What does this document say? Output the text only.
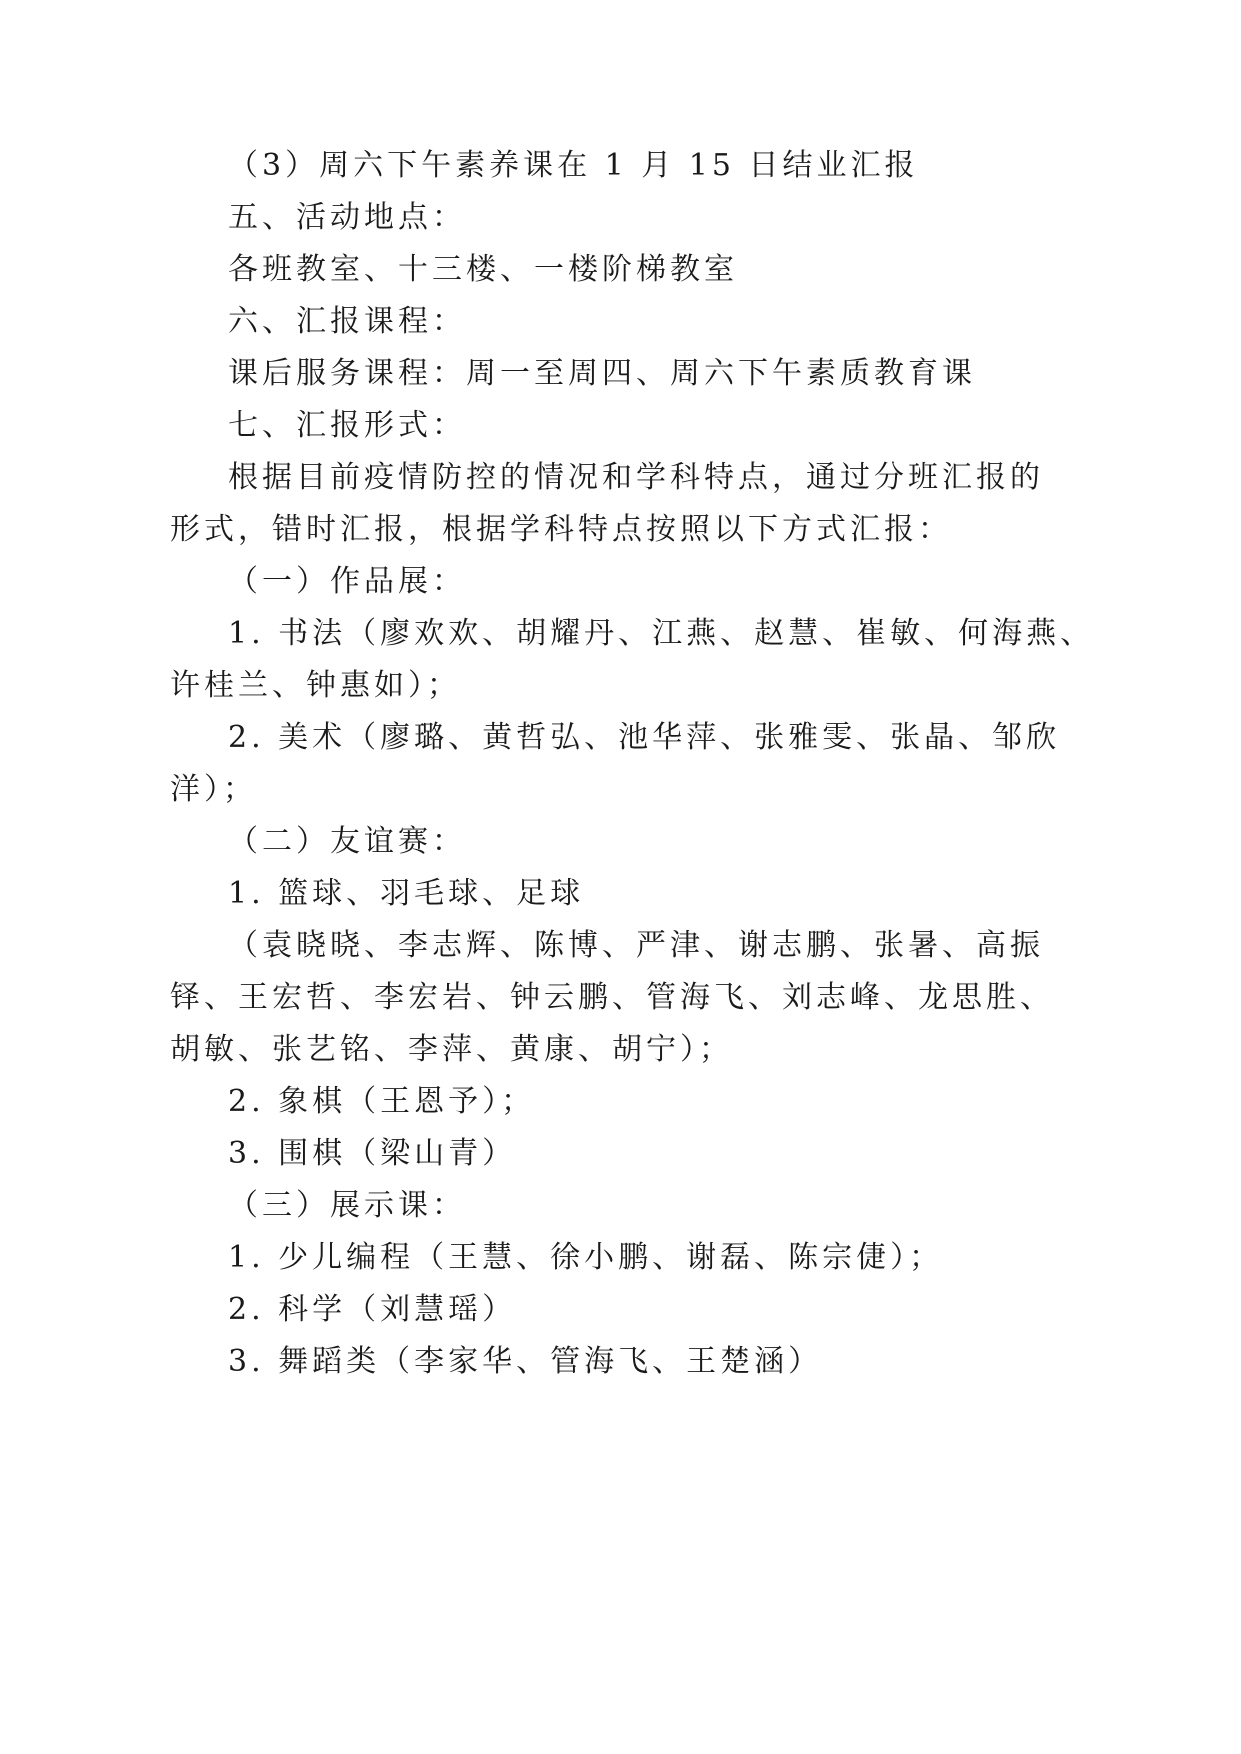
（3）周六下午素养课在 1 月 15 日结业汇报
五、活动地点：
各班教室、十三楼、一楼阶梯教室
六、汇报课程：
课后服务课程：周一至周四、周六下午素质教育课
七、汇报形式：
根据目前疫情防控的情况和学科特点，通过分班汇报的
形式，错时汇报，根据学科特点按照以下方式汇报：
（一）作品展：
1. 书法（廖欢欢、胡耀丹、江燕、赵慧、崔敏、何海燕、
许桂兰、钟惠如）；
2. 美术（廖璐、黄哲弘、池华萍、张雅雯、张晶、邹欣
洋）；
（二）友谊赛：
1. 篮球、羽毛球、足球
（袁晓晓、李志辉、陈博、严津、谢志鹏、张暑、高振
铎、王宏哲、李宏岩、钟云鹏、管海飞、刘志峰、龙思胜、
胡敏、张艺铭、李萍、黄康、胡宁）；
2. 象棋（王恩予）；
3. 围棋（梁山青）
（三）展示课：
1. 少儿编程（王慧、徐小鹏、谢磊、陈宗倢）；
2. 科学（刘慧瑶）
3. 舞蹈类（李家华、管海飞、王楚涵）
